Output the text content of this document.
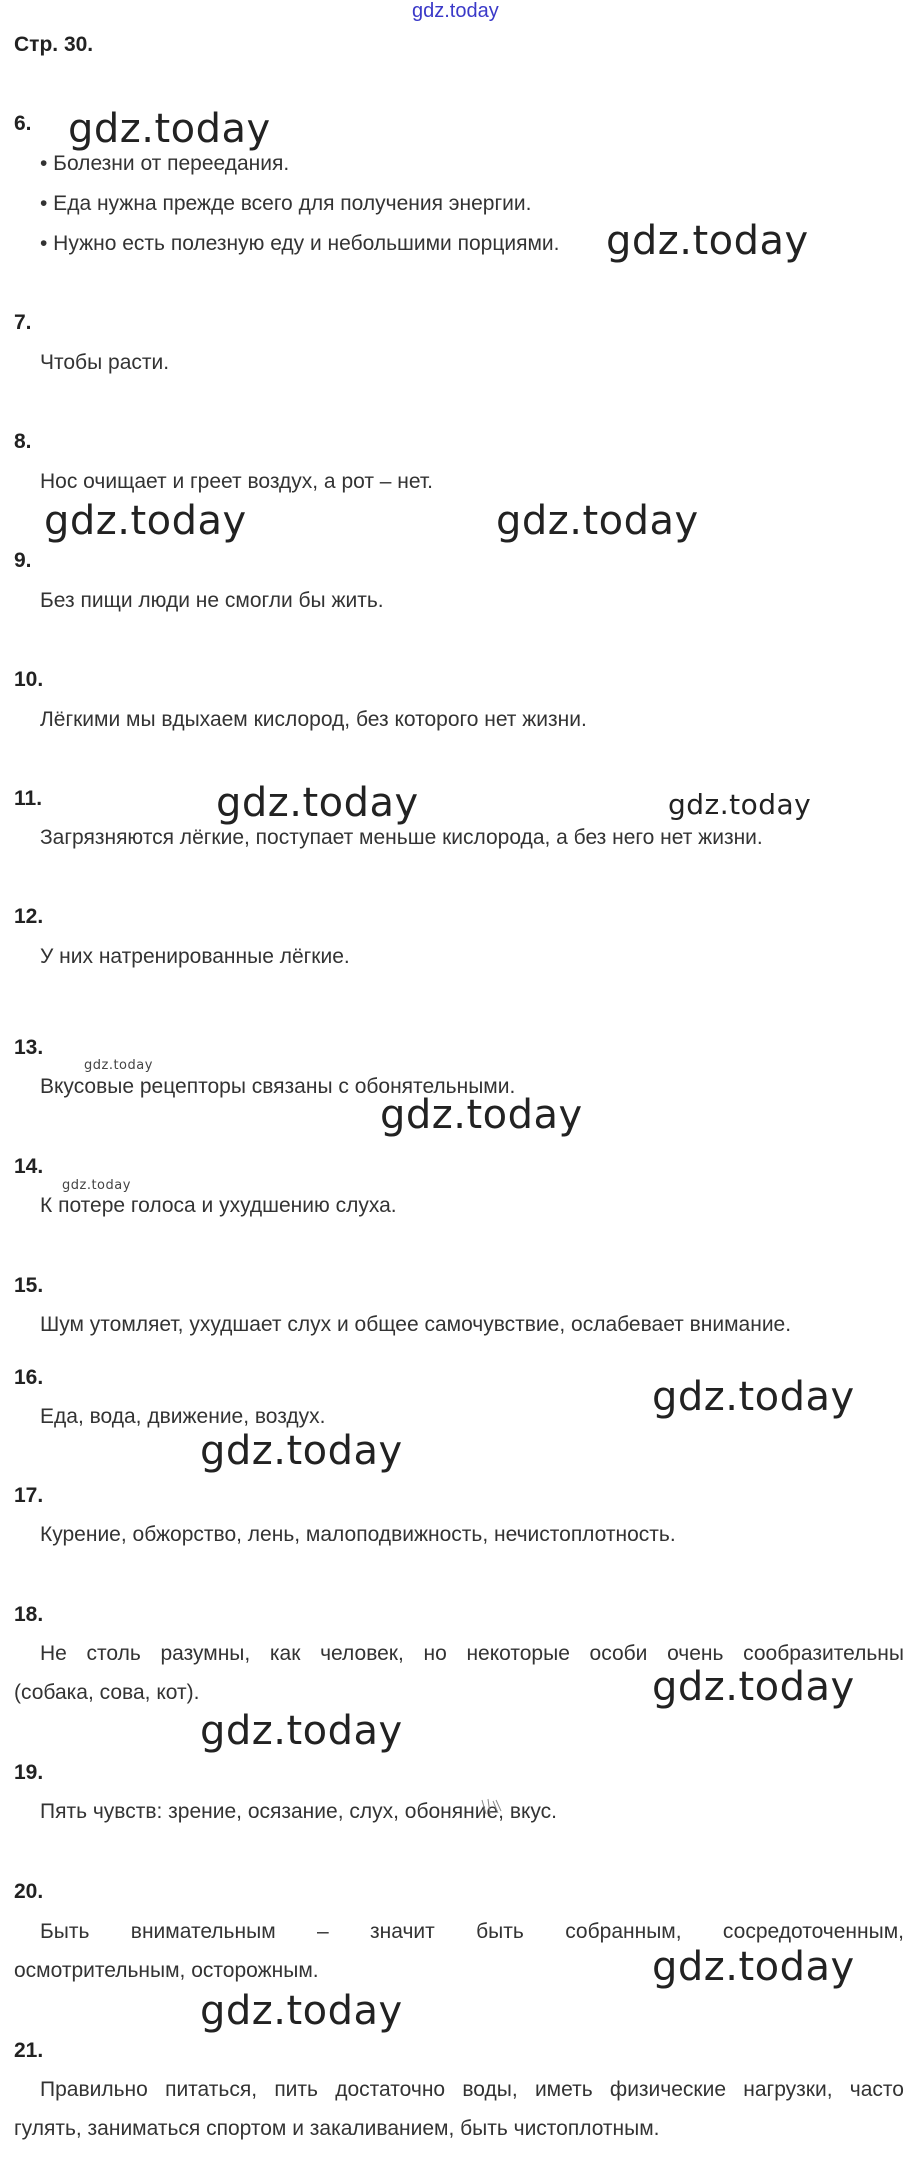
gdz.today
Стр. 30.
6.
• Болезни от переедания.
• Еда нужна прежде всего для получения энергии.
• Нужно есть полезную еду и небольшими порциями.
7.
Чтобы расти.
8.
Нос очищает и греет воздух, а рот – нет.
9.
Без пищи люди не смогли бы жить.
10.
Лёгкими мы вдыхаем кислород, без которого нет жизни.
11.
Загрязняются лёгкие, поступает меньше кислорода, а без него нет жизни.
12.
У них натренированные лёгкие.
13.
Вкусовые рецепторы связаны с обонятельными.
14.
К потере голоса и ухудшению слуха.
15.
Шум утомляет, ухудшает слух и общее самочувствие, ослабевает внимание.
16.
Еда, вода, движение, воздух.
17.
Курение, обжорство, лень, малоподвижность, нечистоплотность.
18.
Не столь разумны, как человек, но некоторые особи очень сообразительны
(собака, сова, кот).
19.
Пять чувств: зрение, осязание, слух, обоняние, вкус.
20.
Быть внимательным – значит быть собранным, сосредоточенным,
осмотрительным, осторожным.
21.
Правильно питаться, пить достаточно воды, иметь физические нагрузки, часто
гулять, заниматься спортом и закаливанием, быть чистоплотным.
gdz.today
gdz.today
gdz.today	gdz.today
gdz.today	gdz.today
gdz.today
gdz.today
gdz.today
gdz.today
gdz.today
gdz.today
gdz.today
gdz.today
gdz.today
